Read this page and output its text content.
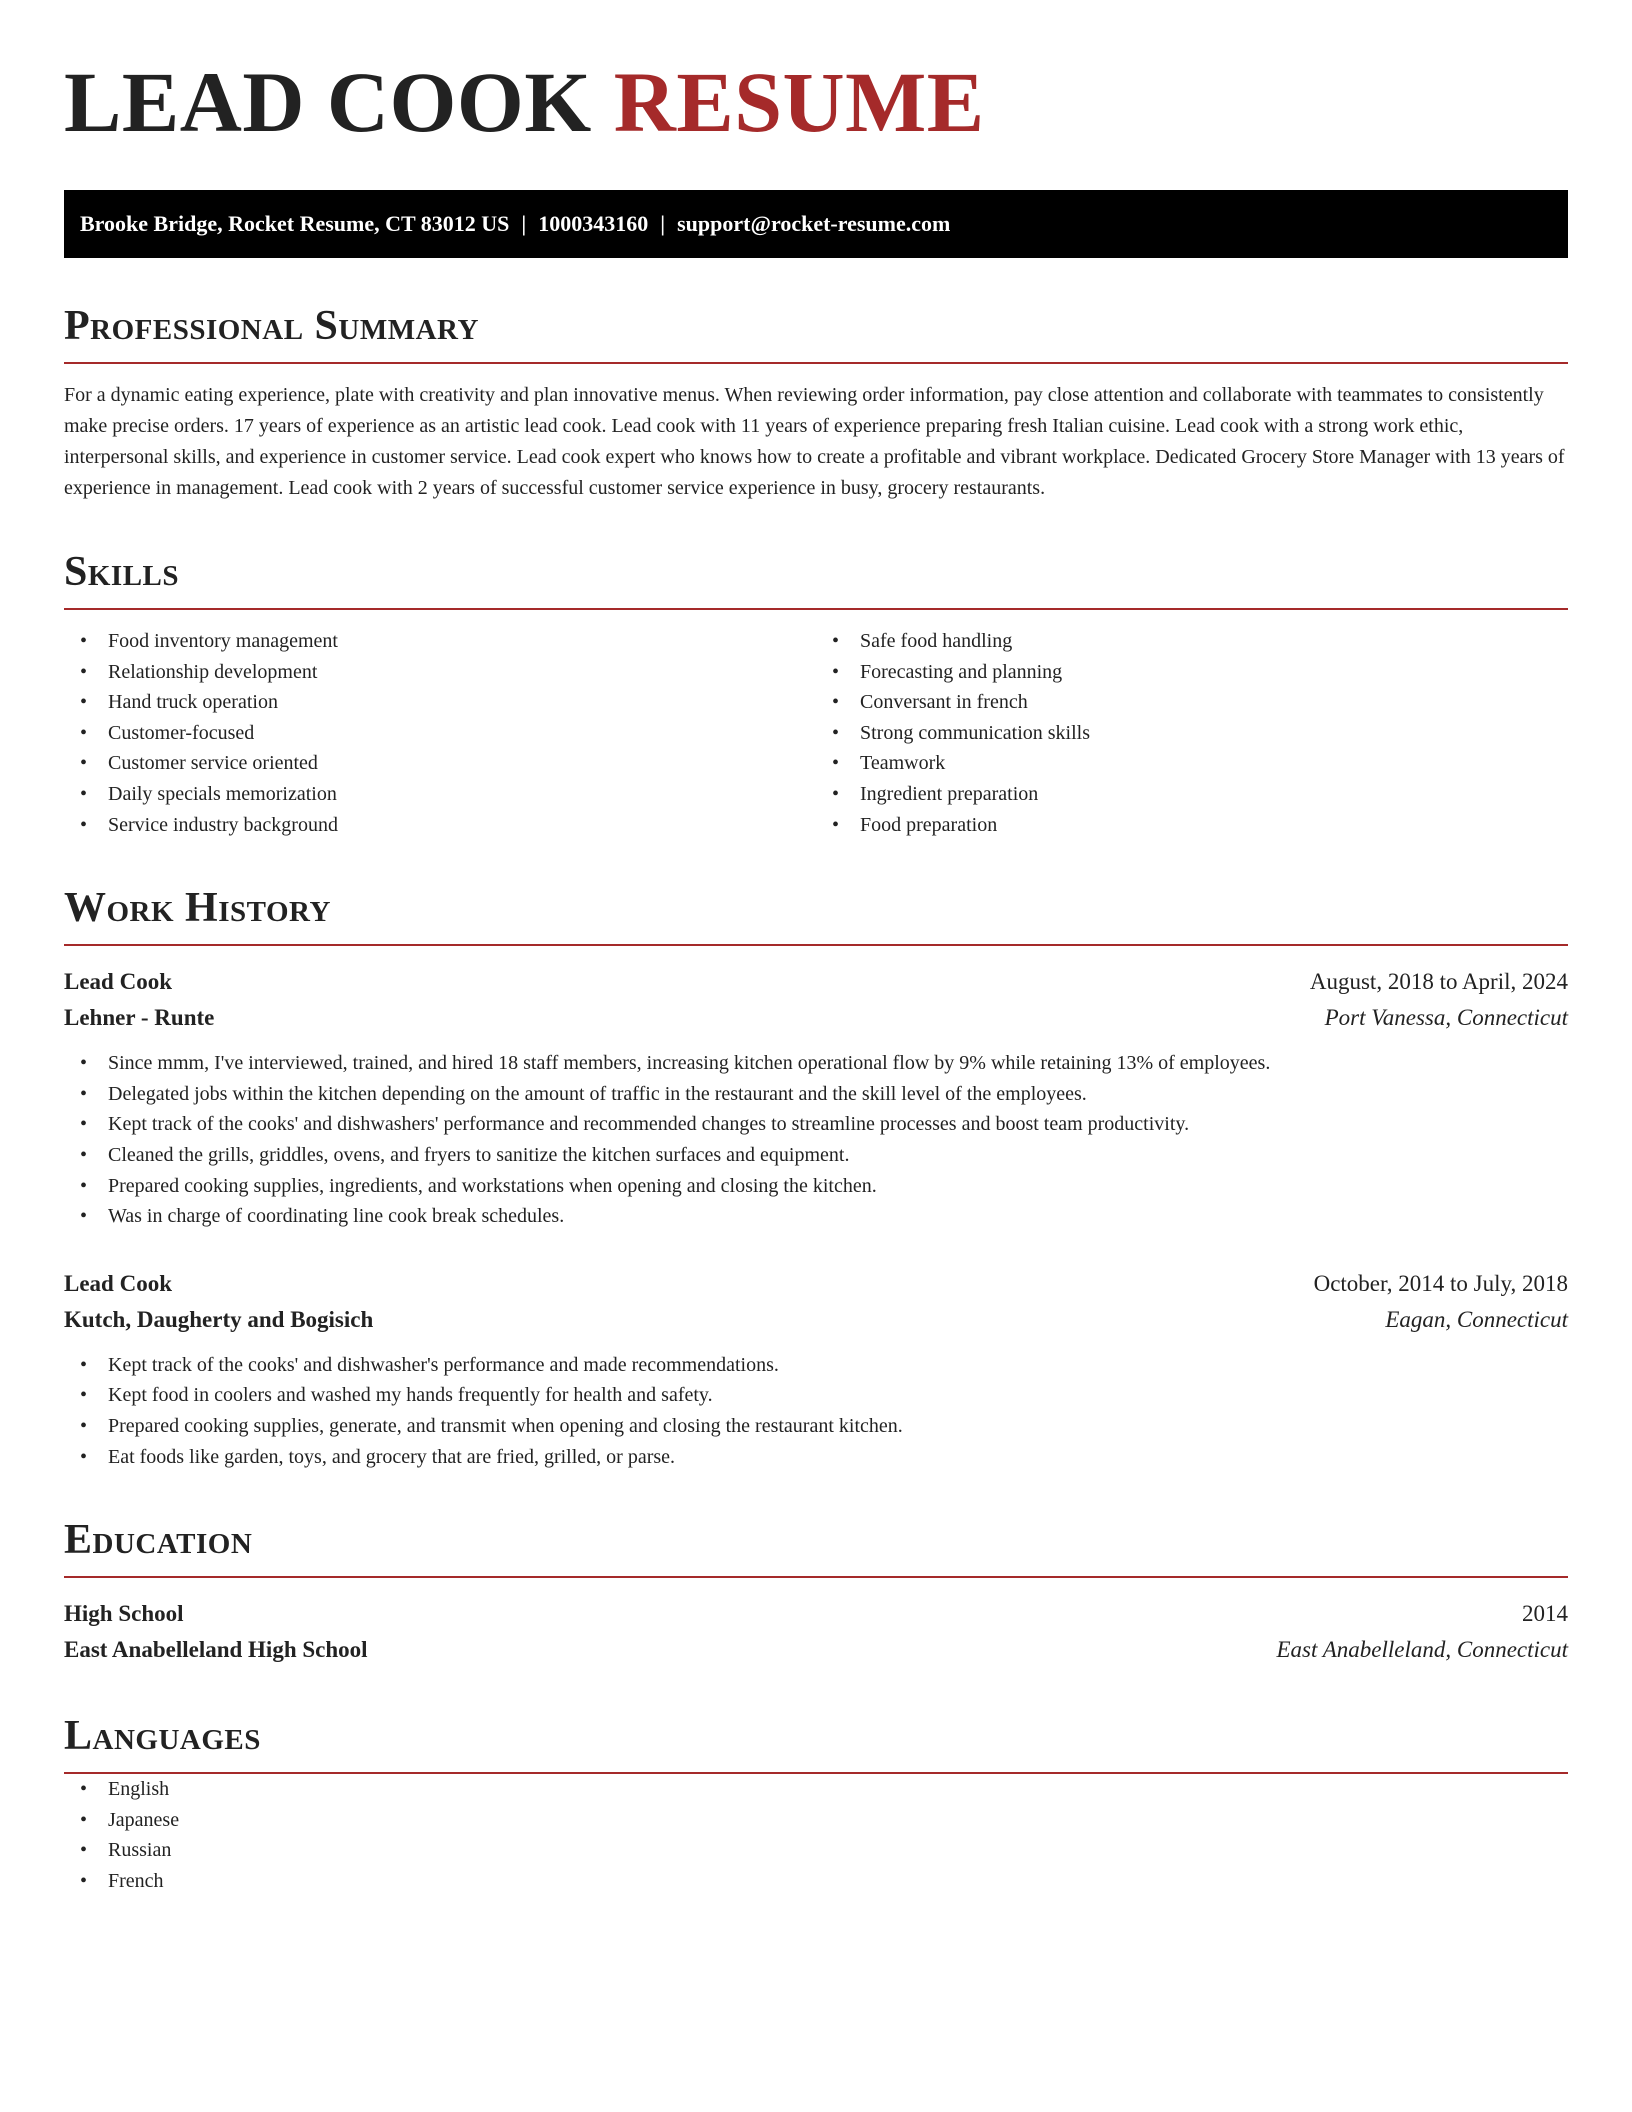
LEAD COOK RESUME
Brooke Bridge, Rocket Resume, CT 83012 US | 1000343160 | support@rocket-resume.com
Professional Summary

For a dynamic eating experience, plate with creativity and plan innovative menus. When reviewing order information, pay close attention and collaborate with teammates to consistently make precise orders. 17 years of experience as an artistic lead cook. Lead cook with 11 years of experience preparing fresh Italian cuisine. Lead cook with a strong work ethic, interpersonal skills, and experience in customer service. Lead cook expert who knows how to create a profitable and vibrant workplace. Dedicated Grocery Store Manager with 13 years of experience in management. Lead cook with 2 years of successful customer service experience in busy, grocery restaurants.

Skills
• Food inventory management
• Relationship development
• Hand truck operation
• Customer-focused
• Customer service oriented
• Daily specials memorization
• Service industry background
• Safe food handling
• Forecasting and planning
• Conversant in french
• Strong communication skills
• Teamwork
• Ingredient preparation
• Food preparation
Work History
Lead Cook	August, 2018 to April, 2024
Lehner - Runte	Port Vanessa, Connecticut
• Since mmm, I've interviewed, trained, and hired 18 staff members, increasing kitchen operational flow by 9% while retaining 13% of employees.
• Delegated jobs within the kitchen depending on the amount of traffic in the restaurant and the skill level of the employees.
• Kept track of the cooks' and dishwashers' performance and recommended changes to streamline processes and boost team productivity.
• Cleaned the grills, griddles, ovens, and fryers to sanitize the kitchen surfaces and equipment.
• Prepared cooking supplies, ingredients, and workstations when opening and closing the kitchen.
• Was in charge of coordinating line cook break schedules.
Lead Cook	October, 2014 to July, 2018
Kutch, Daugherty and Bogisich	Eagan, Connecticut
• Kept track of the cooks' and dishwasher's performance and made recommendations.
• Kept food in coolers and washed my hands frequently for health and safety.
• Prepared cooking supplies, generate, and transmit when opening and closing the restaurant kitchen.
• Eat foods like garden, toys, and grocery that are fried, grilled, or parse.
Education
High School	2014
East Anabelleland High School	East Anabelleland, Connecticut
Languages
• English
• Japanese
• Russian
• French
